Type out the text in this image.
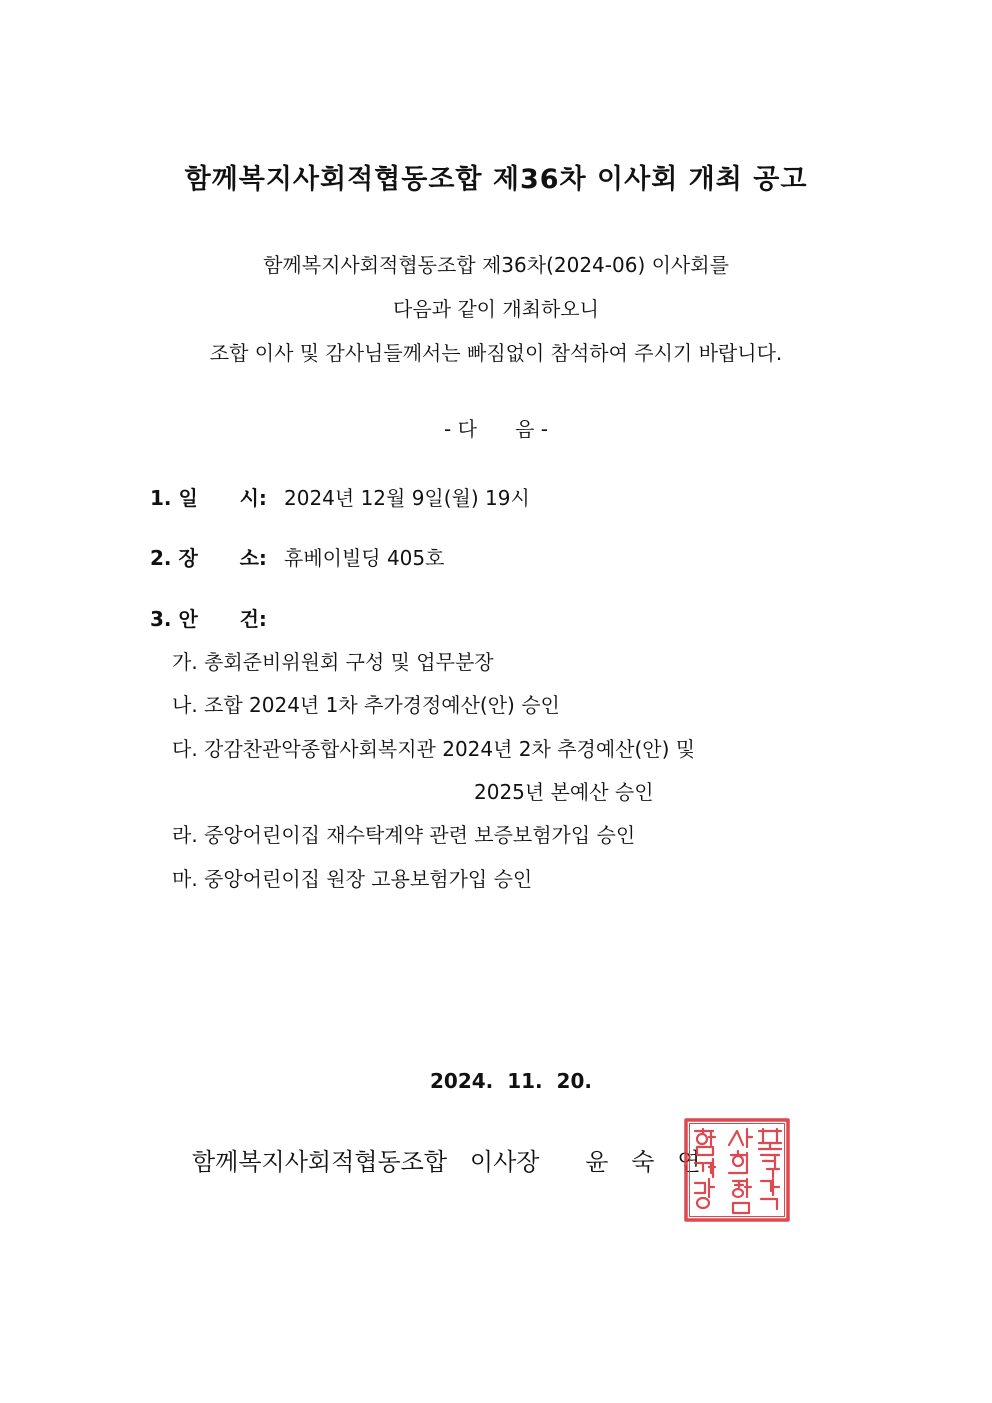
함께복지사회적협동조합 제36차 이사회 개최 공고
함께복지사회적협동조합 제36차(2024-06) 이사회를
다음과 같이 개최하오니
조합 이사 및 감사님들께서는 빠짐없이 참석하여 주시기 바랍니다.
- 다      음 -
1. 일      시: 2024년 12월 9일(월) 19시
2. 장      소: 휴베이빌딩 405호
3. 안      건:
가. 총회준비위원회 구성 및 업무분장
나. 조합 2024년 1차 추가경정예산(안) 승인
다. 강감찬관악종합사회복지관 2024년 2차 추경예산(안) 및
2025년 본예산 승인
라. 중앙어린이집 재수탁계약 관련 보증보험가입 승인
마. 중앙어린이집 원장 고용보험가입 승인
2024.  11.  20.
함께복지사회적협동조합   이사장      윤   숙   연
